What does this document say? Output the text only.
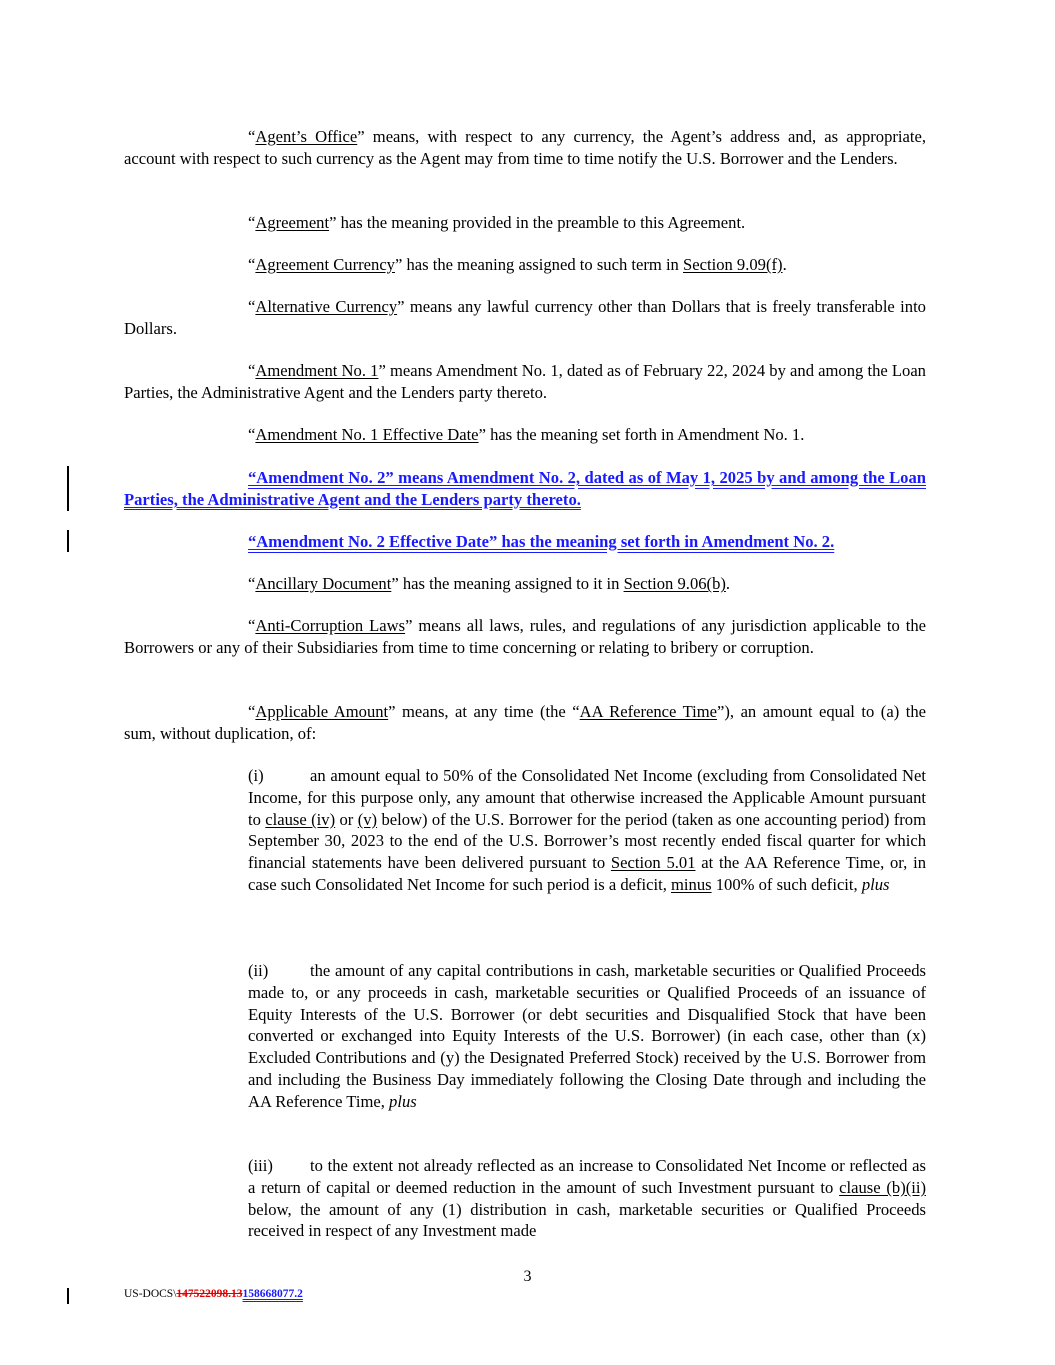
“Agent’s Office” means, with respect to any currency, the Agent’s address and, as appropriate, account with respect to such currency as the Agent may from time to time notify the U.S. Borrower and the Lenders.

“Agreement” has the meaning provided in the preamble to this Agreement.

“Agreement Currency” has the meaning assigned to such term in Section 9.09(f).

“Alternative Currency” means any lawful currency other than Dollars that is freely transferable into Dollars.

“Amendment No. 1” means Amendment No. 1, dated as of February 22, 2024 by and among the Loan Parties, the Administrative Agent and the Lenders party thereto.

“Amendment No. 1 Effective Date” has the meaning set forth in Amendment No. 1.

“Amendment No. 2” means Amendment No. 2, dated as of May 1, 2025 by and among the Loan Parties, the Administrative Agent and the Lenders party thereto.

“Amendment No. 2 Effective Date” has the meaning set forth in Amendment No. 2.

“Ancillary Document” has the meaning assigned to it in Section 9.06(b).

“Anti-Corruption Laws” means all laws, rules, and regulations of any jurisdiction applicable to the Borrowers or any of their Subsidiaries from time to time concerning or relating to bribery or corruption.

“Applicable Amount” means, at any time (the “AA Reference Time”), an amount equal to (a) the sum, without duplication, of:

(i)	an amount equal to 50% of the Consolidated Net Income (excluding from Consolidated Net Income, for this purpose only, any amount that otherwise increased the Applicable Amount pursuant to clause (iv) or (v) below) of the U.S. Borrower for the period (taken as one accounting period) from September 30, 2023 to the end of the U.S. Borrower’s most recently ended fiscal quarter for which financial statements have been delivered pursuant to Section 5.01 at the AA Reference Time, or, in case such Consolidated Net Income for such period is a deficit, minus 100% of such deficit, plus

(ii)	the amount of any capital contributions in cash, marketable securities or Qualified Proceeds made to, or any proceeds in cash, marketable securities or Qualified Proceeds of an issuance of Equity Interests of the U.S. Borrower (or debt securities and Disqualified Stock that have been converted or exchanged into Equity Interests of the U.S. Borrower) (in each case, other than (x) Excluded Contributions and (y) the Designated Preferred Stock) received by the U.S. Borrower from and including the Business Day immediately following the Closing Date through and including the AA Reference Time, plus

(iii) to the extent not already reflected as an increase to Consolidated Net Income or reflected as a return of capital or deemed reduction in the amount of such Investment pursuant to clause (b)(ii) below, the amount of any (1) distribution in cash, marketable securities or Qualified Proceeds received in respect of any Investment made

3
US-DOCS\147522098.13158668077.2
